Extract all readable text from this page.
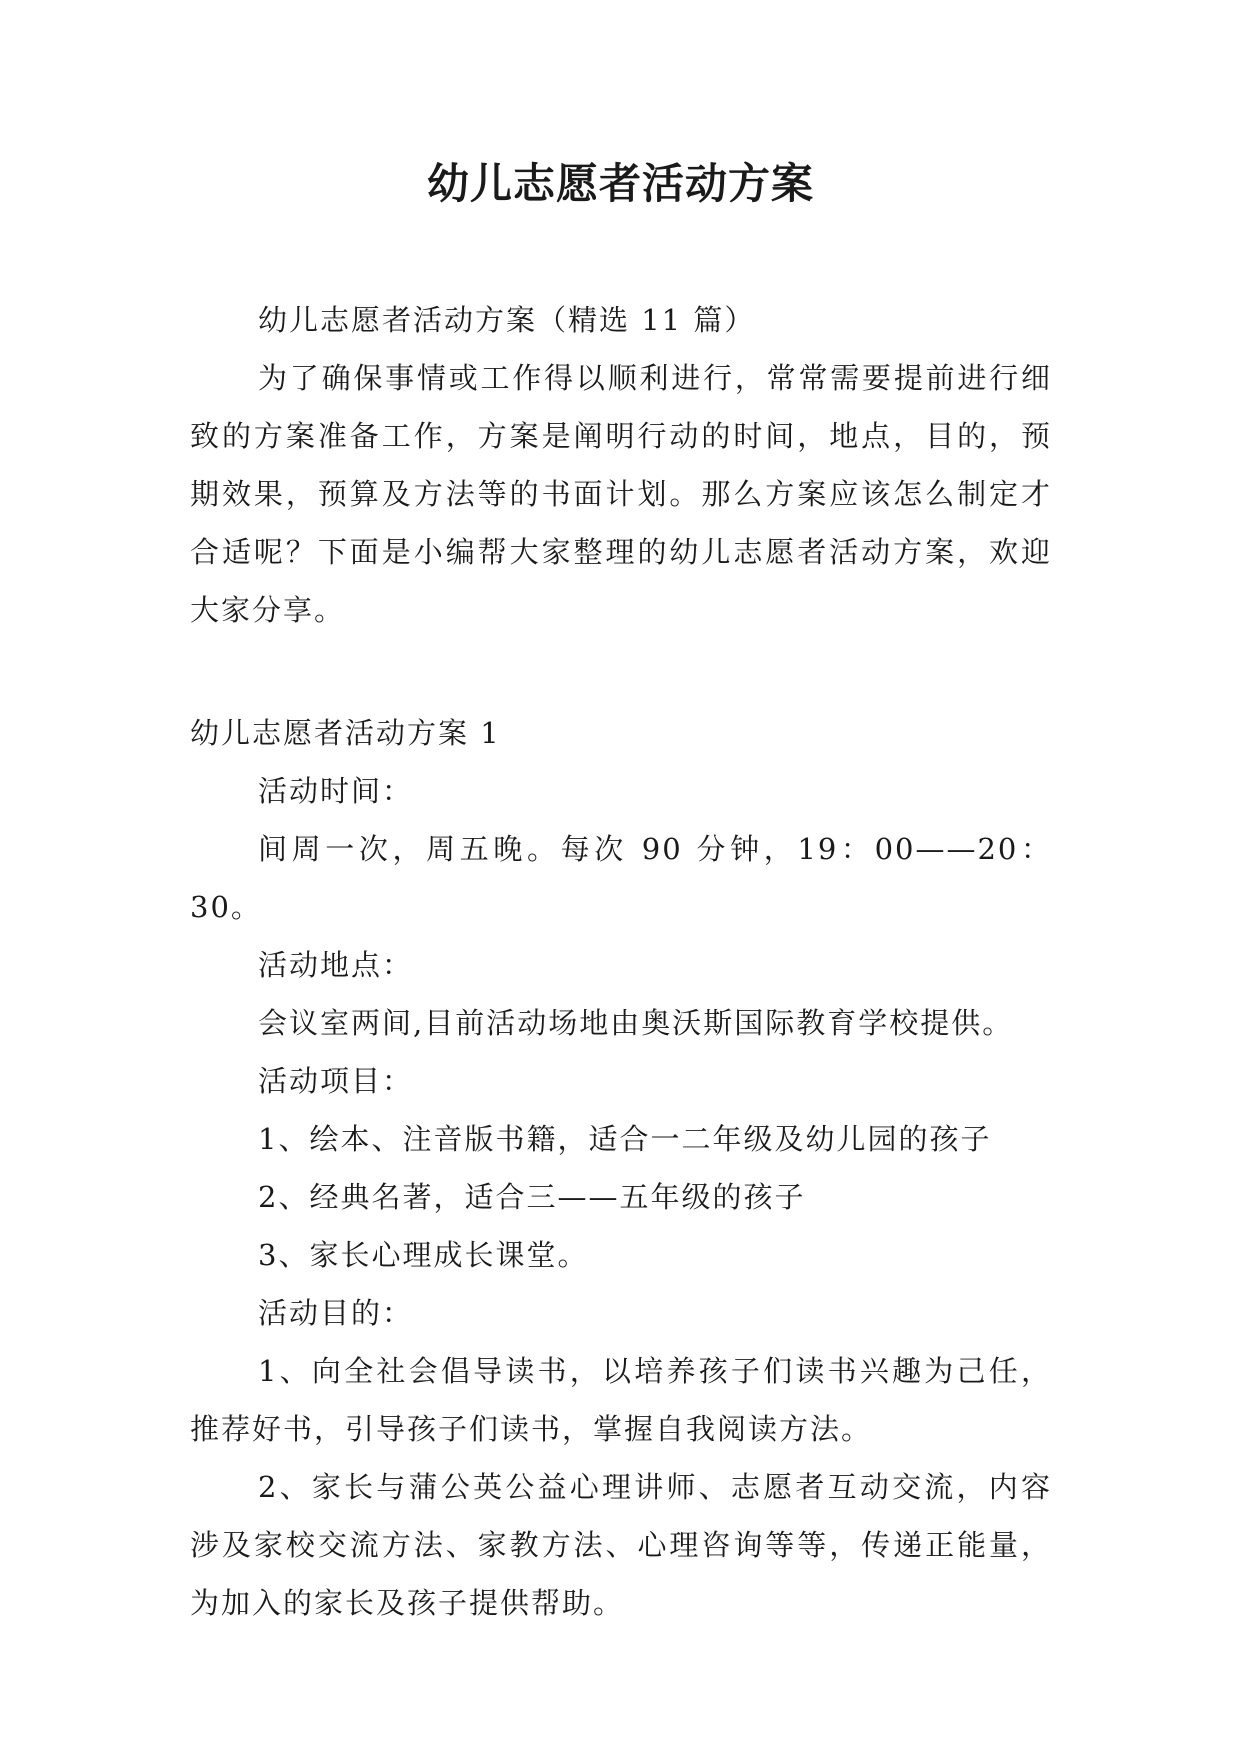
幼儿志愿者活动方案

幼儿志愿者活动方案（精选 11 篇）

为了确保事情或工作得以顺利进行，常常需要提前进行细致的方案准备工作，方案是阐明行动的时间，地点，目的，预期效果，预算及方法等的书面计划。那么方案应该怎么制定才合适呢？下面是小编帮大家整理的幼儿志愿者活动方案，欢迎大家分享。

幼儿志愿者活动方案 1

活动时间：

间周一次，周五晚。每次 90 分钟，19：00——20：30。

活动地点：

会议室两间,目前活动场地由奥沃斯国际教育学校提供。

活动项目：

1、绘本、注音版书籍，适合一二年级及幼儿园的孩子

2、经典名著，适合三——五年级的孩子

3、家长心理成长课堂。

活动目的：

1、向全社会倡导读书，以培养孩子们读书兴趣为己任，推荐好书，引导孩子们读书，掌握自我阅读方法。

2、家长与蒲公英公益心理讲师、志愿者互动交流，内容涉及家校交流方法、家教方法、心理咨询等等，传递正能量，为加入的家长及孩子提供帮助。
